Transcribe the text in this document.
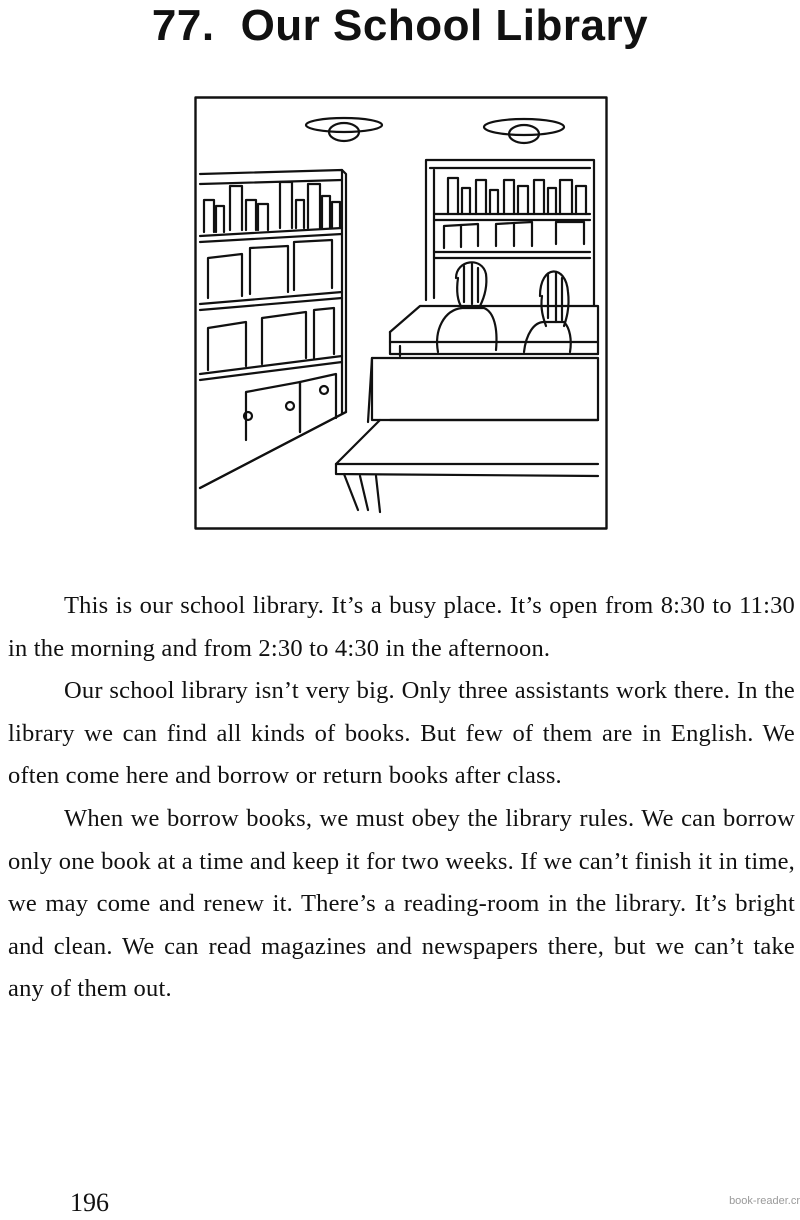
77. Our School Library

This is our school library. It’s a busy place. It’s open from 8:30 to 11:30 in the morning and from 2:30 to 4:30 in the afternoon.

Our school library isn’t very big. Only three assistants work there. In the library we can find all kinds of books. But few of them are in English. We often come here and borrow or return books after class.

When we borrow books, we must obey the library rules. We can borrow only one book at a time and keep it for two weeks. If we can’t finish it in time, we may come and renew it. There’s a reading-room in the library. It’s bright and clean. We can read magazines and newspapers there, but we can’t take any of them out.

196	book-reader.cr
